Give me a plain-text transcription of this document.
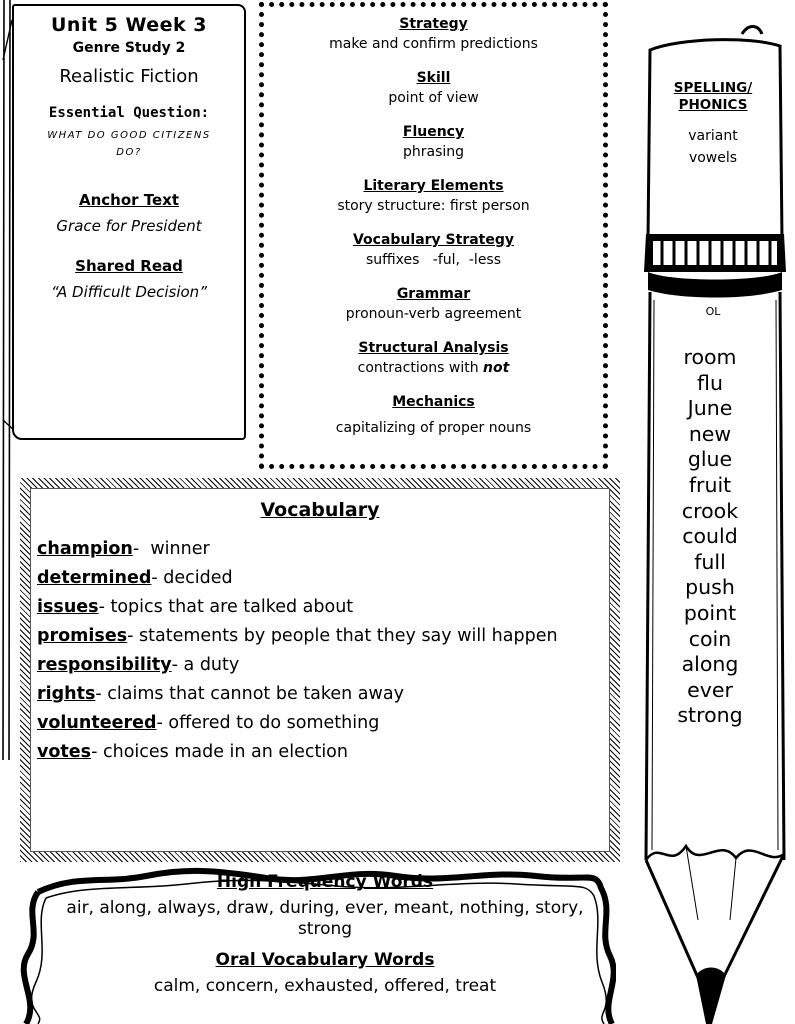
Unit 5 Week 3
Genre Study 2
Realistic Fiction
Essential Question:
WHAT DO GOOD CITIZENS DO?
Anchor Text
Grace for President
Shared Read
“A Difficult Decision”
Strategy
make and confirm predictions
Skill
point of view
Fluency
phrasing
Literary Elements
story structure: first person
Vocabulary Strategy
suffixes   -ful,  -less
Grammar
pronoun-verb agreement
Structural Analysis
contractions with not
Mechanics
capitalizing of proper nouns
Vocabulary
champion-  winner
determined- decided
issues- topics that are talked about
promises- statements by people that they say will happen
responsibility- a duty
rights- claims that cannot be taken away
volunteered- offered to do something
votes- choices made in an election
High Frequency Words
air, along, always, draw, during, ever, meant, nothing, story, strong
Oral Vocabulary Words
calm, concern, exhausted, offered, treat
SPELLING/ PHONICS
variant
vowels
OL
room
flu
June
new
glue
fruit
crook
could
full
push
point
coin
along
ever
strong
